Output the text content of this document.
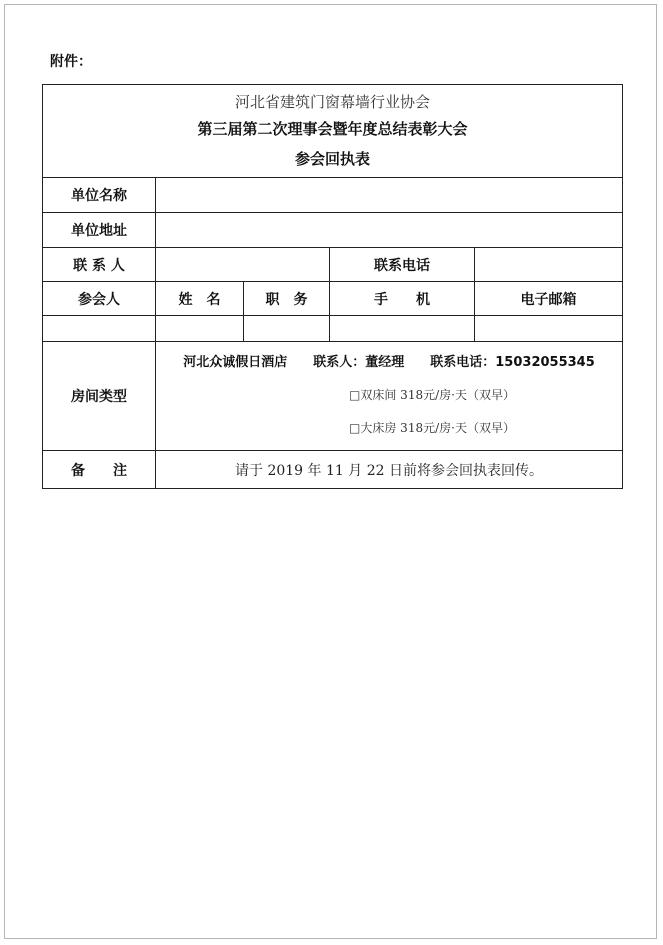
附件：
河北省建筑门窗幕墙行业协会
第三届第二次理事会暨年度总结表彰大会
参会回执表				

单位名称				
单位地址				
联 系 人			联系电话	
参会人	姓　名	职　务	手　　机	电子邮箱

房间类型	河北众诚假日酒店 联系人：董经理 联系电话：15032055345
□双床间 318元/房·天（双早）
□大床房 318元/房·天（双早）			

备　　注	请于 2019 年 11 月 22 日前将参会回执表回传。			
